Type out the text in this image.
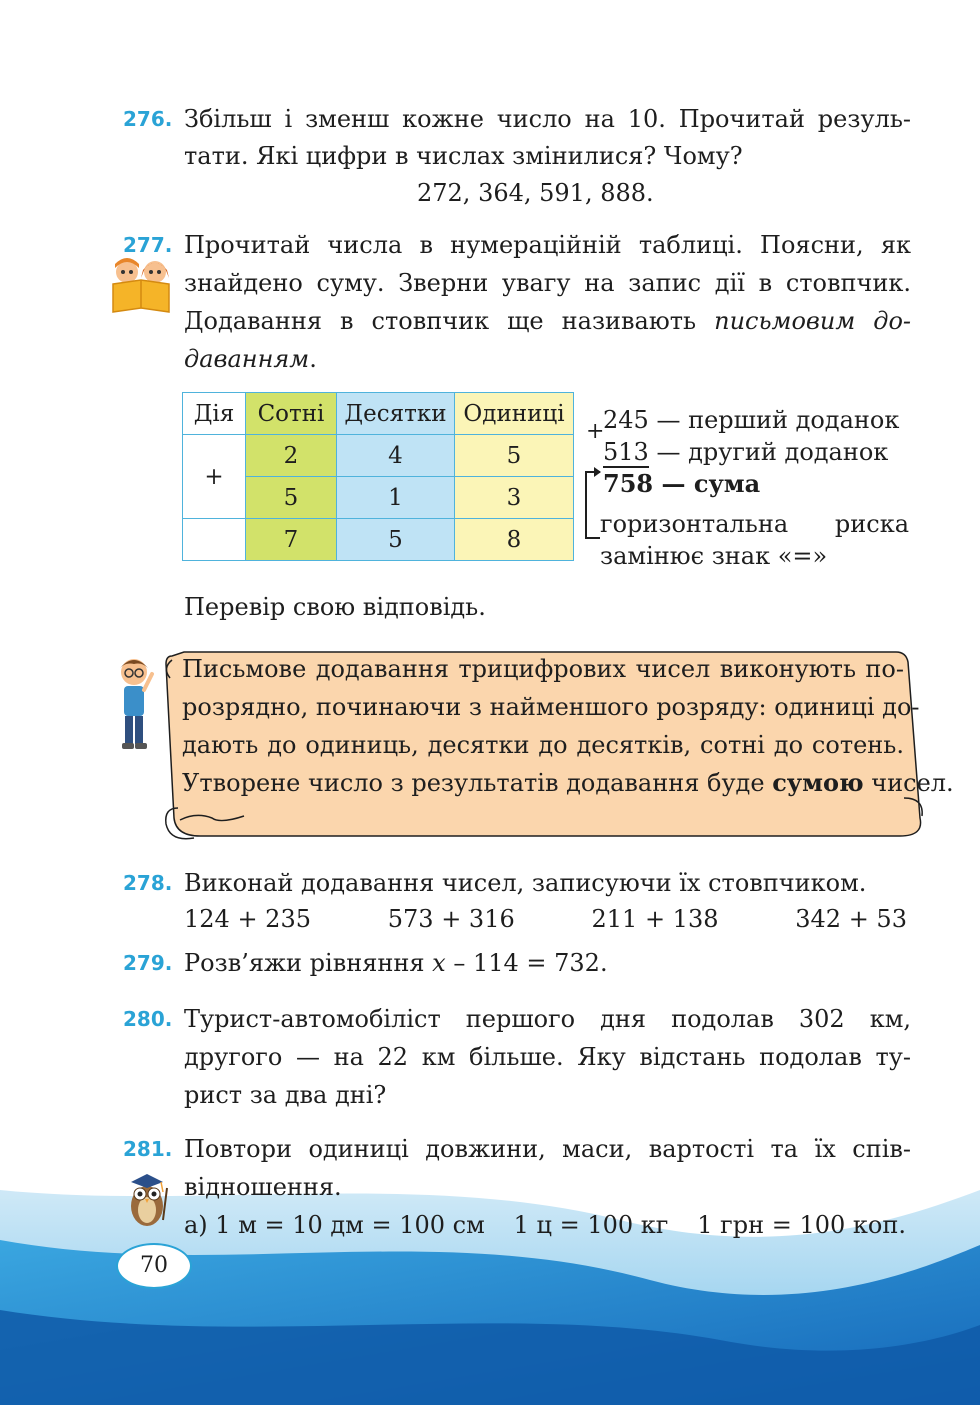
276. Збільш і зменш кожне число на 10. Прочитай резуль-
тати. Які цифри в числах змінилися? Чому?
272, 364, 591, 888.
277. Прочитай числа в нумераційній таблиці. Поясни, як
знайдено суму. Зверни увагу на запис дії в стовпчик.
Додавання в стовпчик ще називають письмовим до-
даванням.
Дія	Сотні	Десятки	Одиниці
+	2	4	5
	5	1	3
	7	5	8
+
245 — перший доданок
513 — другий доданок
758 — сума
горизонтальна риска
замінює знак «=»
Перевір свою відповідь.
Письмове додавання трицифрових чисел виконують по-
розрядно, починаючи з найменшого розряду: одиниці до-
дають до одиниць, десятки до десятків, сотні до сотень.
Утворене число з результатів додавання буде сумою чисел.
278. Виконай додавання чисел, записуючи їх стовпчиком.
124 + 235	573 + 316	211 + 138	342 + 53
279. Розв’яжи рівняння x – 114 = 732.
280. Турист-автомобіліст першого дня подолав 302 км,
другого — на 22 км більше. Яку відстань подолав ту-
рист за два дні?
281. Повтори одиниці довжини, маси, вартості та їх спів-
відношення.
а) 1 м = 10 дм = 100 см 1 ц = 100 кг 1 грн = 100 коп.
70
